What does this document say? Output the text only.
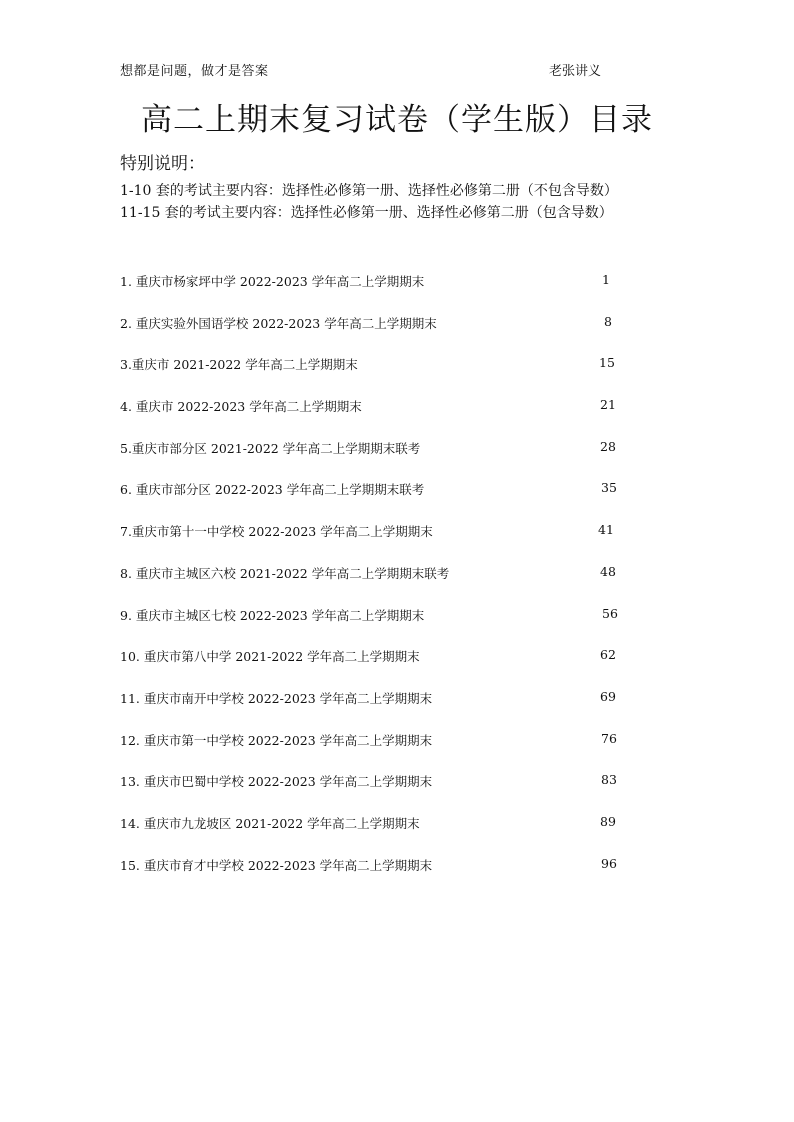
想都是问题，做才是答案	老张讲义
高二上期末复习试卷（学生版）目录
特别说明：
1-10 套的考试主要内容：选择性必修第一册、选择性必修第二册（不包含导数）
11-15 套的考试主要内容：选择性必修第一册、选择性必修第二册（包含导数）
1. 重庆市杨家坪中学 2022-2023 学年高二上学期期末	1
2. 重庆实验外国语学校 2022-2023 学年高二上学期期末	8
3.重庆市 2021-2022 学年高二上学期期末	15
4. 重庆市 2022-2023 学年高二上学期期末	21
5.重庆市部分区 2021-2022 学年高二上学期期末联考	28
6. 重庆市部分区 2022-2023 学年高二上学期期末联考	35
7.重庆市第十一中学校 2022-2023 学年高二上学期期末	41
8. 重庆市主城区六校 2021-2022 学年高二上学期期末联考	48
9. 重庆市主城区七校 2022-2023 学年高二上学期期末	56
10. 重庆市第八中学 2021-2022 学年高二上学期期末	62
11. 重庆市南开中学校 2022-2023 学年高二上学期期末	69
12. 重庆市第一中学校 2022-2023 学年高二上学期期末	76
13. 重庆市巴蜀中学校 2022-2023 学年高二上学期期末	83
14. 重庆市九龙坡区 2021-2022 学年高二上学期期末	89
15. 重庆市育才中学校 2022-2023 学年高二上学期期末	96
